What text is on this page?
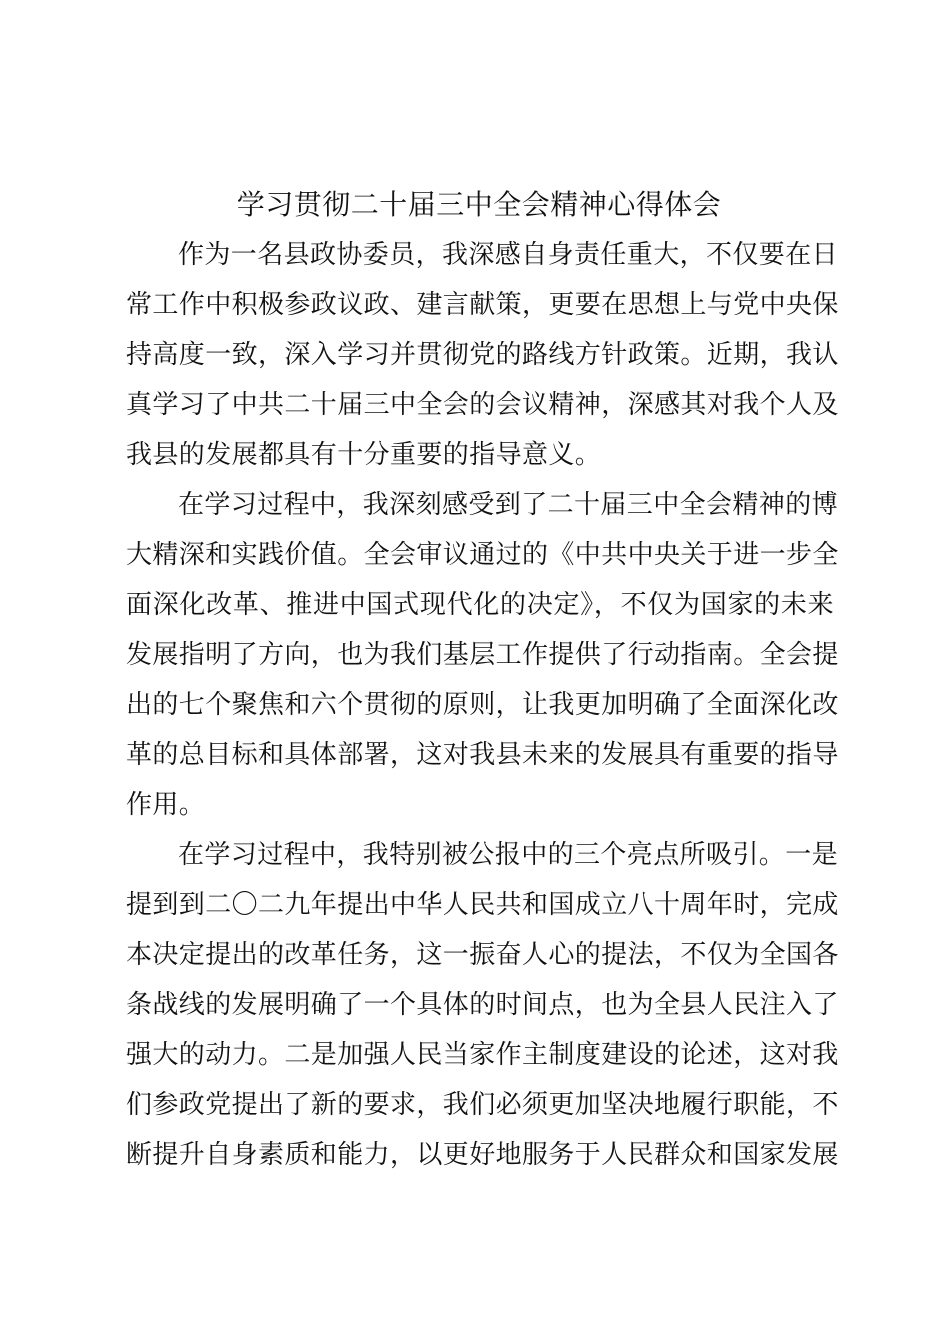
学习贯彻二十届三中全会精神心得体会
作为一名县政协委员，我深感自身责任重大，不仅要在日
常工作中积极参政议政、建言献策，更要在思想上与党中央保
持高度一致，深入学习并贯彻党的路线方针政策。近期，我认
真学习了中共二十届三中全会的会议精神，深感其对我个人及
我县的发展都具有十分重要的指导意义。
在学习过程中，我深刻感受到了二十届三中全会精神的博
大精深和实践价值。全会审议通过的《中共中央关于进一步全
面深化改革、推进中国式现代化的决定》，不仅为国家的未来
发展指明了方向，也为我们基层工作提供了行动指南。全会提
出的七个聚焦和六个贯彻的原则，让我更加明确了全面深化改
革的总目标和具体部署，这对我县未来的发展具有重要的指导
作用。
在学习过程中，我特别被公报中的三个亮点所吸引。一是
提到到二〇二九年提出中华人民共和国成立八十周年时，完成
本决定提出的改革任务，这一振奋人心的提法，不仅为全国各
条战线的发展明确了一个具体的时间点，也为全县人民注入了
强大的动力。二是加强人民当家作主制度建设的论述，这对我
们参政党提出了新的要求，我们必须更加坚决地履行职能，不
断提升自身素质和能力，以更好地服务于人民群众和国家发展
